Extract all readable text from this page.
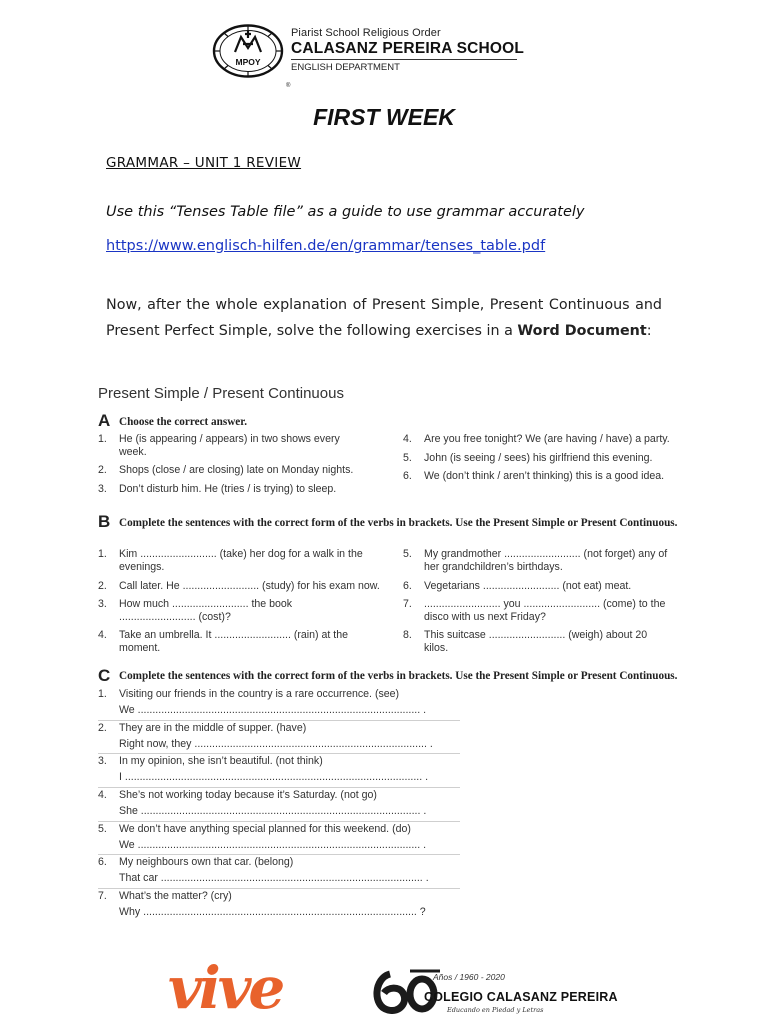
MPOY
®
Piarist School Religious Order
CALASANZ PEREIRA SCHOOL
ENGLISH DEPARTMENT
FIRST WEEK
GRAMMAR – UNIT 1 REVIEW
Use this “Tenses Table file” as a guide to use grammar accurately
https://www.englisch-hilfen.de/en/grammar/tenses_table.pdf
Now, after the whole explanation of Present Simple, Present Continuous and Present Perfect Simple, solve the following exercises in a Word Document:
Present Simple / Present Continuous
A Choose the correct answer.
1. He (is appearing / appears) in two shows every
week.
2. Shops (close / are closing) late on Monday nights.
3. Don’t disturb him. He (tries / is trying) to sleep.
4. Are you free tonight? We (are having / have) a party.
5. John (is seeing / sees) his girlfriend this evening.
6. We (don’t think / aren’t thinking) this is a good idea.
B Complete the sentences with the correct form of the verbs in brackets. Use the Present Simple or Present Continuous.
1. Kim .......................... (take) her dog for a walk in the
evenings.
2. Call later. He .......................... (study) for his exam now.
3. How much .......................... the book
.......................... (cost)?
4. Take an umbrella. It .......................... (rain) at the
moment.
5. My grandmother .......................... (not forget) any of
her grandchildren’s birthdays.
6. Vegetarians .......................... (not eat) meat.
7. .......................... you .......................... (come) to the
disco with us next Friday?
8. This suitcase .......................... (weigh) about 20
kilos.
C Complete the sentences with the correct form of the verbs in brackets. Use the Present Simple or Present Continuous.
1. Visiting our friends in the country is a rare occurrence. (see)
We ................................................................................................ .
2. They are in the middle of supper. (have)
Right now, they ............................................................................... .
3. In my opinion, she isn’t beautiful. (not think)
I ..................................................................................................... .
4. She’s not working today because it’s Saturday. (not go)
She ............................................................................................... .
5. We don’t have anything special planned for this weekend. (do)
We ................................................................................................ .
6. My neighbours own that car. (belong)
That car ......................................................................................... .
7. What’s the matter? (cry)
Why ............................................................................................. ?
vive	Años / 1960 - 2020
COLEGIO CALASANZ PEREIRA
Educando en Piedad y Letras
